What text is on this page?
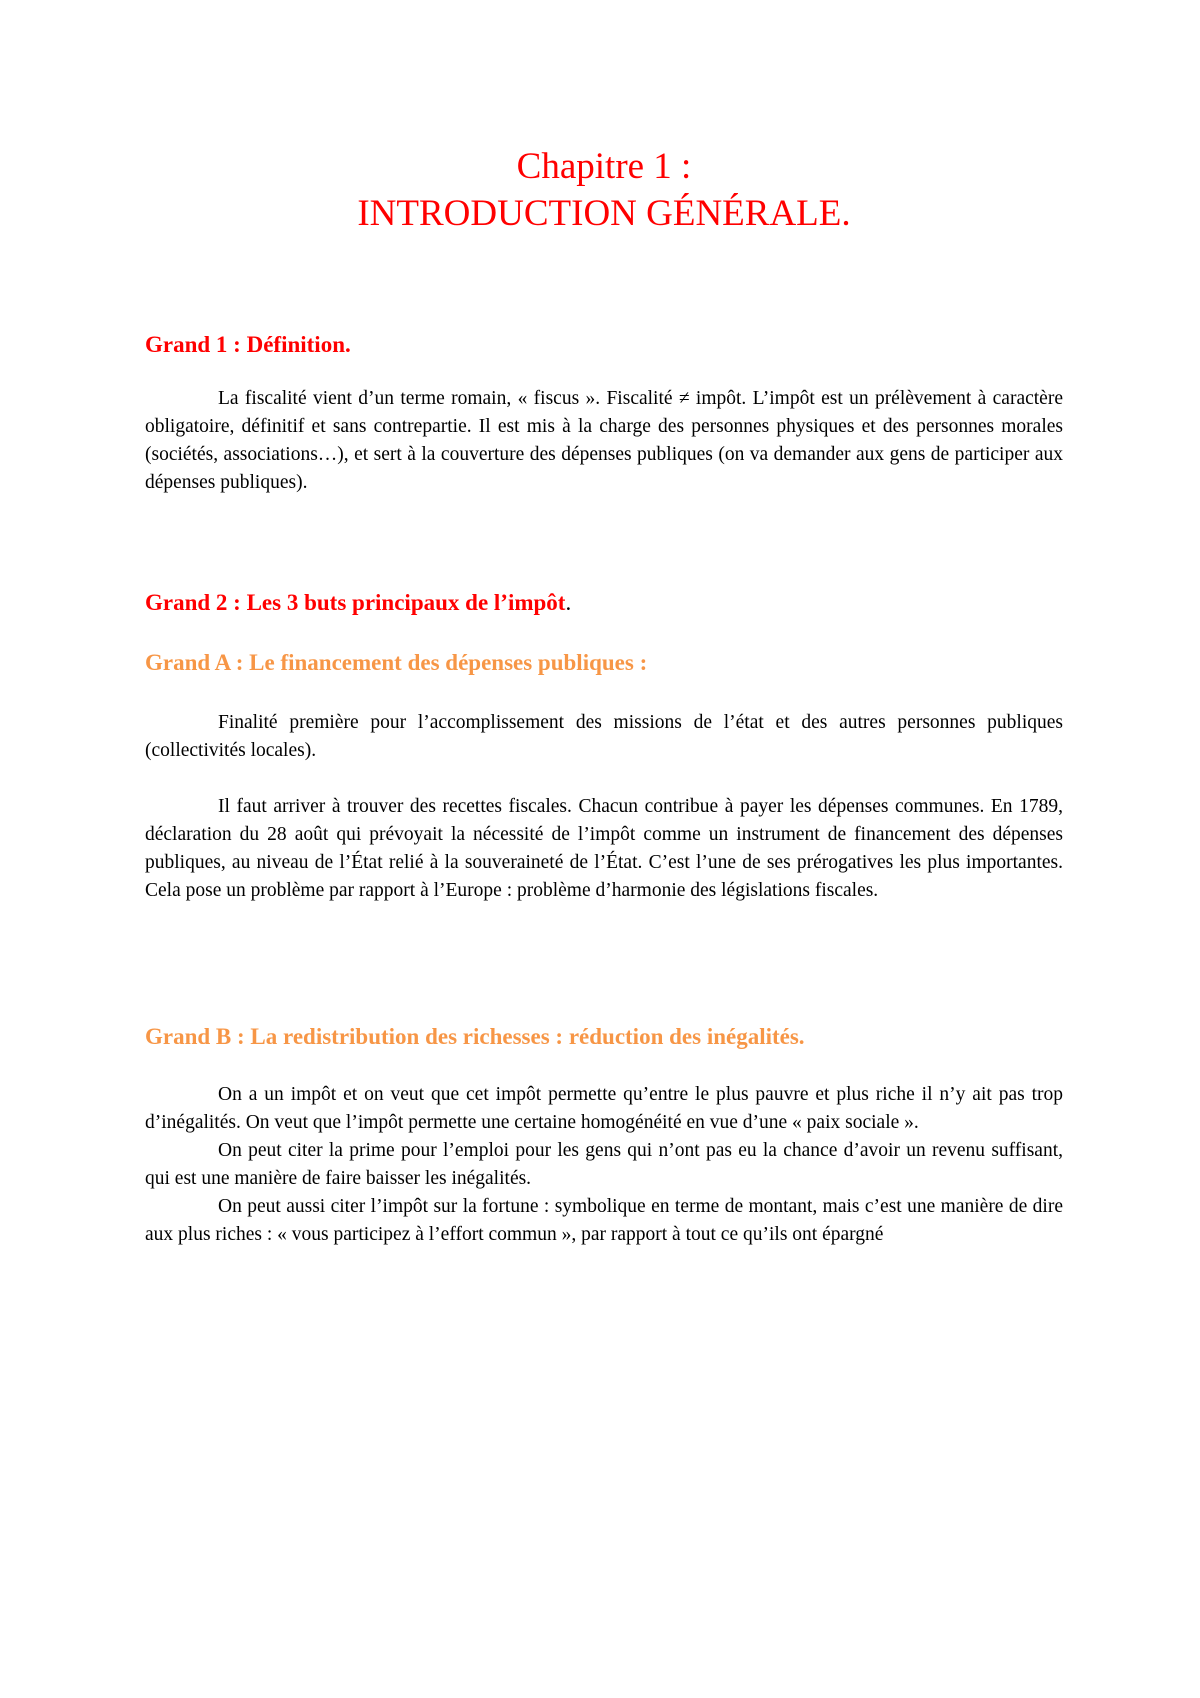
Chapitre 1 :
INTRODUCTION GÉNÉRALE.
Grand 1 : Définition.

La fiscalité vient d’un terme romain, « fiscus ». Fiscalité ≠ impôt. L’impôt est un prélèvement à caractère obligatoire, définitif et sans contrepartie. Il est mis à la charge des personnes physiques et des personnes morales (sociétés, associations…), et sert à la couverture des dépenses publiques (on va demander aux gens de participer aux dépenses publiques).

Grand 2 : Les 3 buts principaux de l’impôt.
Grand A : Le financement des dépenses publiques :

Finalité première pour l’accomplissement des missions de l’état et des autres personnes publiques (collectivités locales).

Il faut arriver à trouver des recettes fiscales. Chacun contribue à payer les dépenses communes. En 1789, déclaration du 28 août qui prévoyait la nécessité de l’impôt comme un instrument de financement des dépenses publiques, au niveau de l’État relié à la souveraineté de l’État. C’est l’une de ses prérogatives les plus importantes. Cela pose un problème par rapport à l’Europe : problème d’harmonie des législations fiscales.

Grand B : La redistribution des richesses : réduction des inégalités.

On a un impôt et on veut que cet impôt permette qu’entre le plus pauvre et plus riche il n’y ait pas trop d’inégalités. On veut que l’impôt permette une certaine homogénéité en vue d’une « paix sociale ».

On peut citer la prime pour l’emploi pour les gens qui n’ont pas eu la chance d’avoir un revenu suffisant, qui est une manière de faire baisser les inégalités.

On peut aussi citer l’impôt sur la fortune : symbolique en terme de montant, mais c’est une manière de dire aux plus riches : « vous participez à l’effort commun », par rapport à tout ce qu’ils ont épargné
